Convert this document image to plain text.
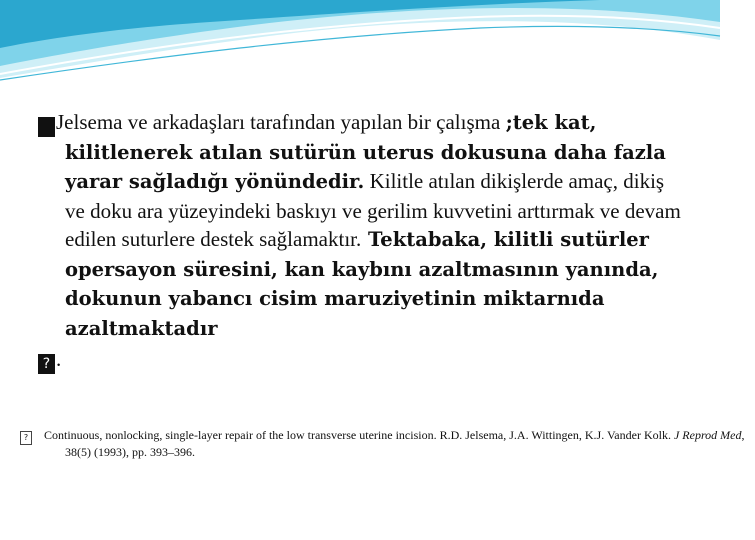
? Jelsema ve arkadaşları tarafından yapılan bir çalışma ;tek kat, kilitlenerek atılan sutürün uterus dokusuna daha fazla yarar sağladığı yönündedir. Kilitle atılan dikişlerde amaç, dikiş ve doku ara yüzeyindeki baskıyı ve gerilim kuvvetini arttırmak ve devam edilen suturlere destek sağlamaktır. Tektabaka, kilitli sutürler opersayon süresini, kan kaybını azaltmasının yanında, dokunun yabancı cisim maruziyetinin miktarnıda azaltmaktadır
? .
? Continuous, nonlocking, single-layer repair of the low transverse uterine incision. R.D. Jelsema, J.A. Wittingen, K.J. Vander Kolk. J Reprod Med, 38(5) (1993), pp. 393–396.
